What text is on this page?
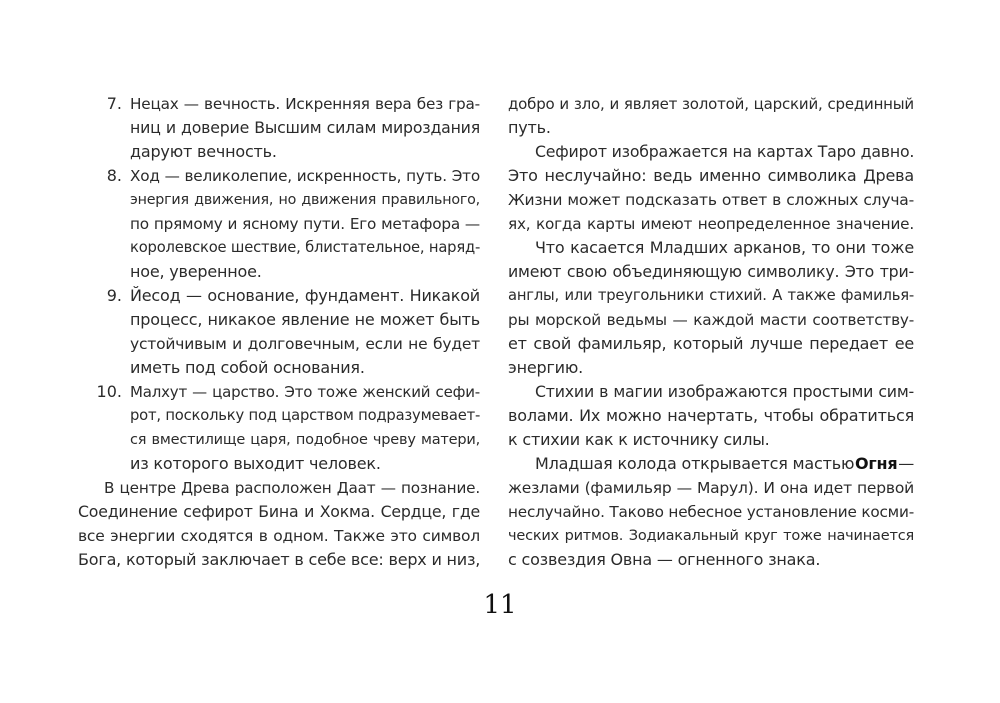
7. Нецах — вечность. Искренняя вера без гра-
ниц и доверие Высшим силам мироздания
даруют вечность.
8. Ход — великолепие, искренность, путь. Это
энергия движения, но движения правильного,
по прямому и ясному пути. Его метафора —
королевское шествие, блистательное, наряд-
ное, уверенное.
9. Йесод — основание, фундамент. Никакой
процесс, никакое явление не может быть
устойчивым и долговечным, если не будет
иметь под собой основания.
10. Малхут — царство. Это тоже женский сефи-
рот, поскольку под царством подразумевает-
ся вместилище царя, подобное чреву матери,
из которого выходит человек.
В центре Древа расположен Даат — познание.
Соединение сефирот Бина и Хокма. Сердце, где
все энергии сходятся в одном. Также это символ
Бога, который заключает в себе все: верх и низ,
добро и зло, и являет золотой, царский, срединный
путь.
Сефирот изображается на картах Таро давно.
Это неслучайно: ведь именно символика Древа
Жизни может подсказать ответ в сложных случа-
ях, когда карты имеют неопределенное значение.
Что касается Младших арканов, то они тоже
имеют свою объединяющую символику. Это три-
англы, или треугольники стихий. А также фамилья-
ры морской ведьмы — каждой масти соответству-
ет свой фамильяр, который лучше передает ее
энергию.
Стихии в магии изображаются простыми сим-
волами. Их можно начертать, чтобы обратиться
к стихии как к источнику силы.
Младшая колода открывается мастью Огня —
жезлами (фамильяр — Марул). И она идет первой
неслучайно. Таково небесное установление косми-
ческих ритмов. Зодиакальный круг тоже начинается
с созвездия Овна — огненного знака.
11
